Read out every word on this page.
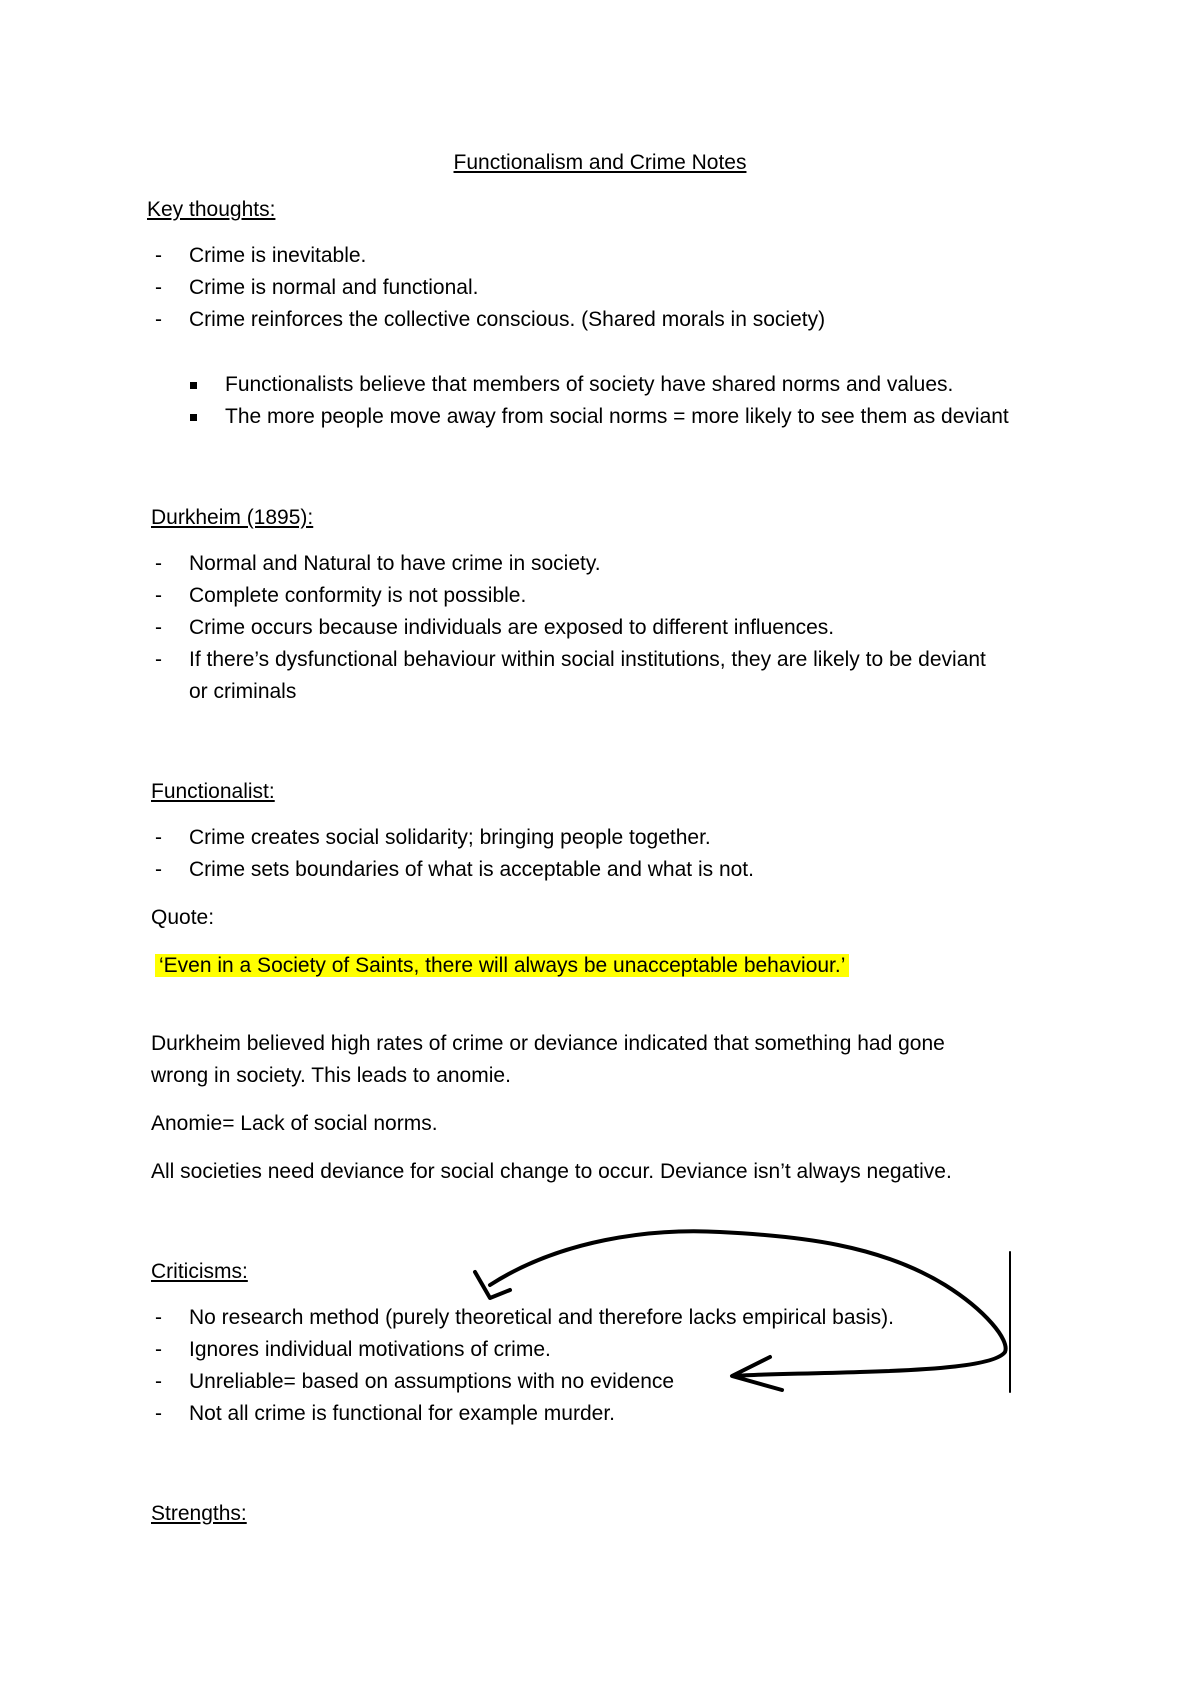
Functionalism and Crime Notes
Key thoughts:
- Crime is inevitable.
- Crime is normal and functional.
- Crime reinforces the collective conscious. (Shared morals in society)
Functionalists believe that members of society have shared norms and values.
The more people move away from social norms = more likely to see them as deviant
Durkheim (1895):
- Normal and Natural to have crime in society.
- Complete conformity is not possible.
- Crime occurs because individuals are exposed to different influences.
- If there’s dysfunctional behaviour within social institutions, they are likely to be deviant
or criminals
Functionalist:
- Crime creates social solidarity; bringing people together.
- Crime sets boundaries of what is acceptable and what is not.
Quote:
‘Even in a Society of Saints, there will always be unacceptable behaviour.’
Durkheim believed high rates of crime or deviance indicated that something had gone
wrong in society. This leads to anomie.
Anomie= Lack of social norms.
All societies need deviance for social change to occur. Deviance isn’t always negative.
Criticisms:
- No research method (purely theoretical and therefore lacks empirical basis).
- Ignores individual motivations of crime.
- Unreliable= based on assumptions with no evidence
- Not all crime is functional for example murder.
Strengths:
